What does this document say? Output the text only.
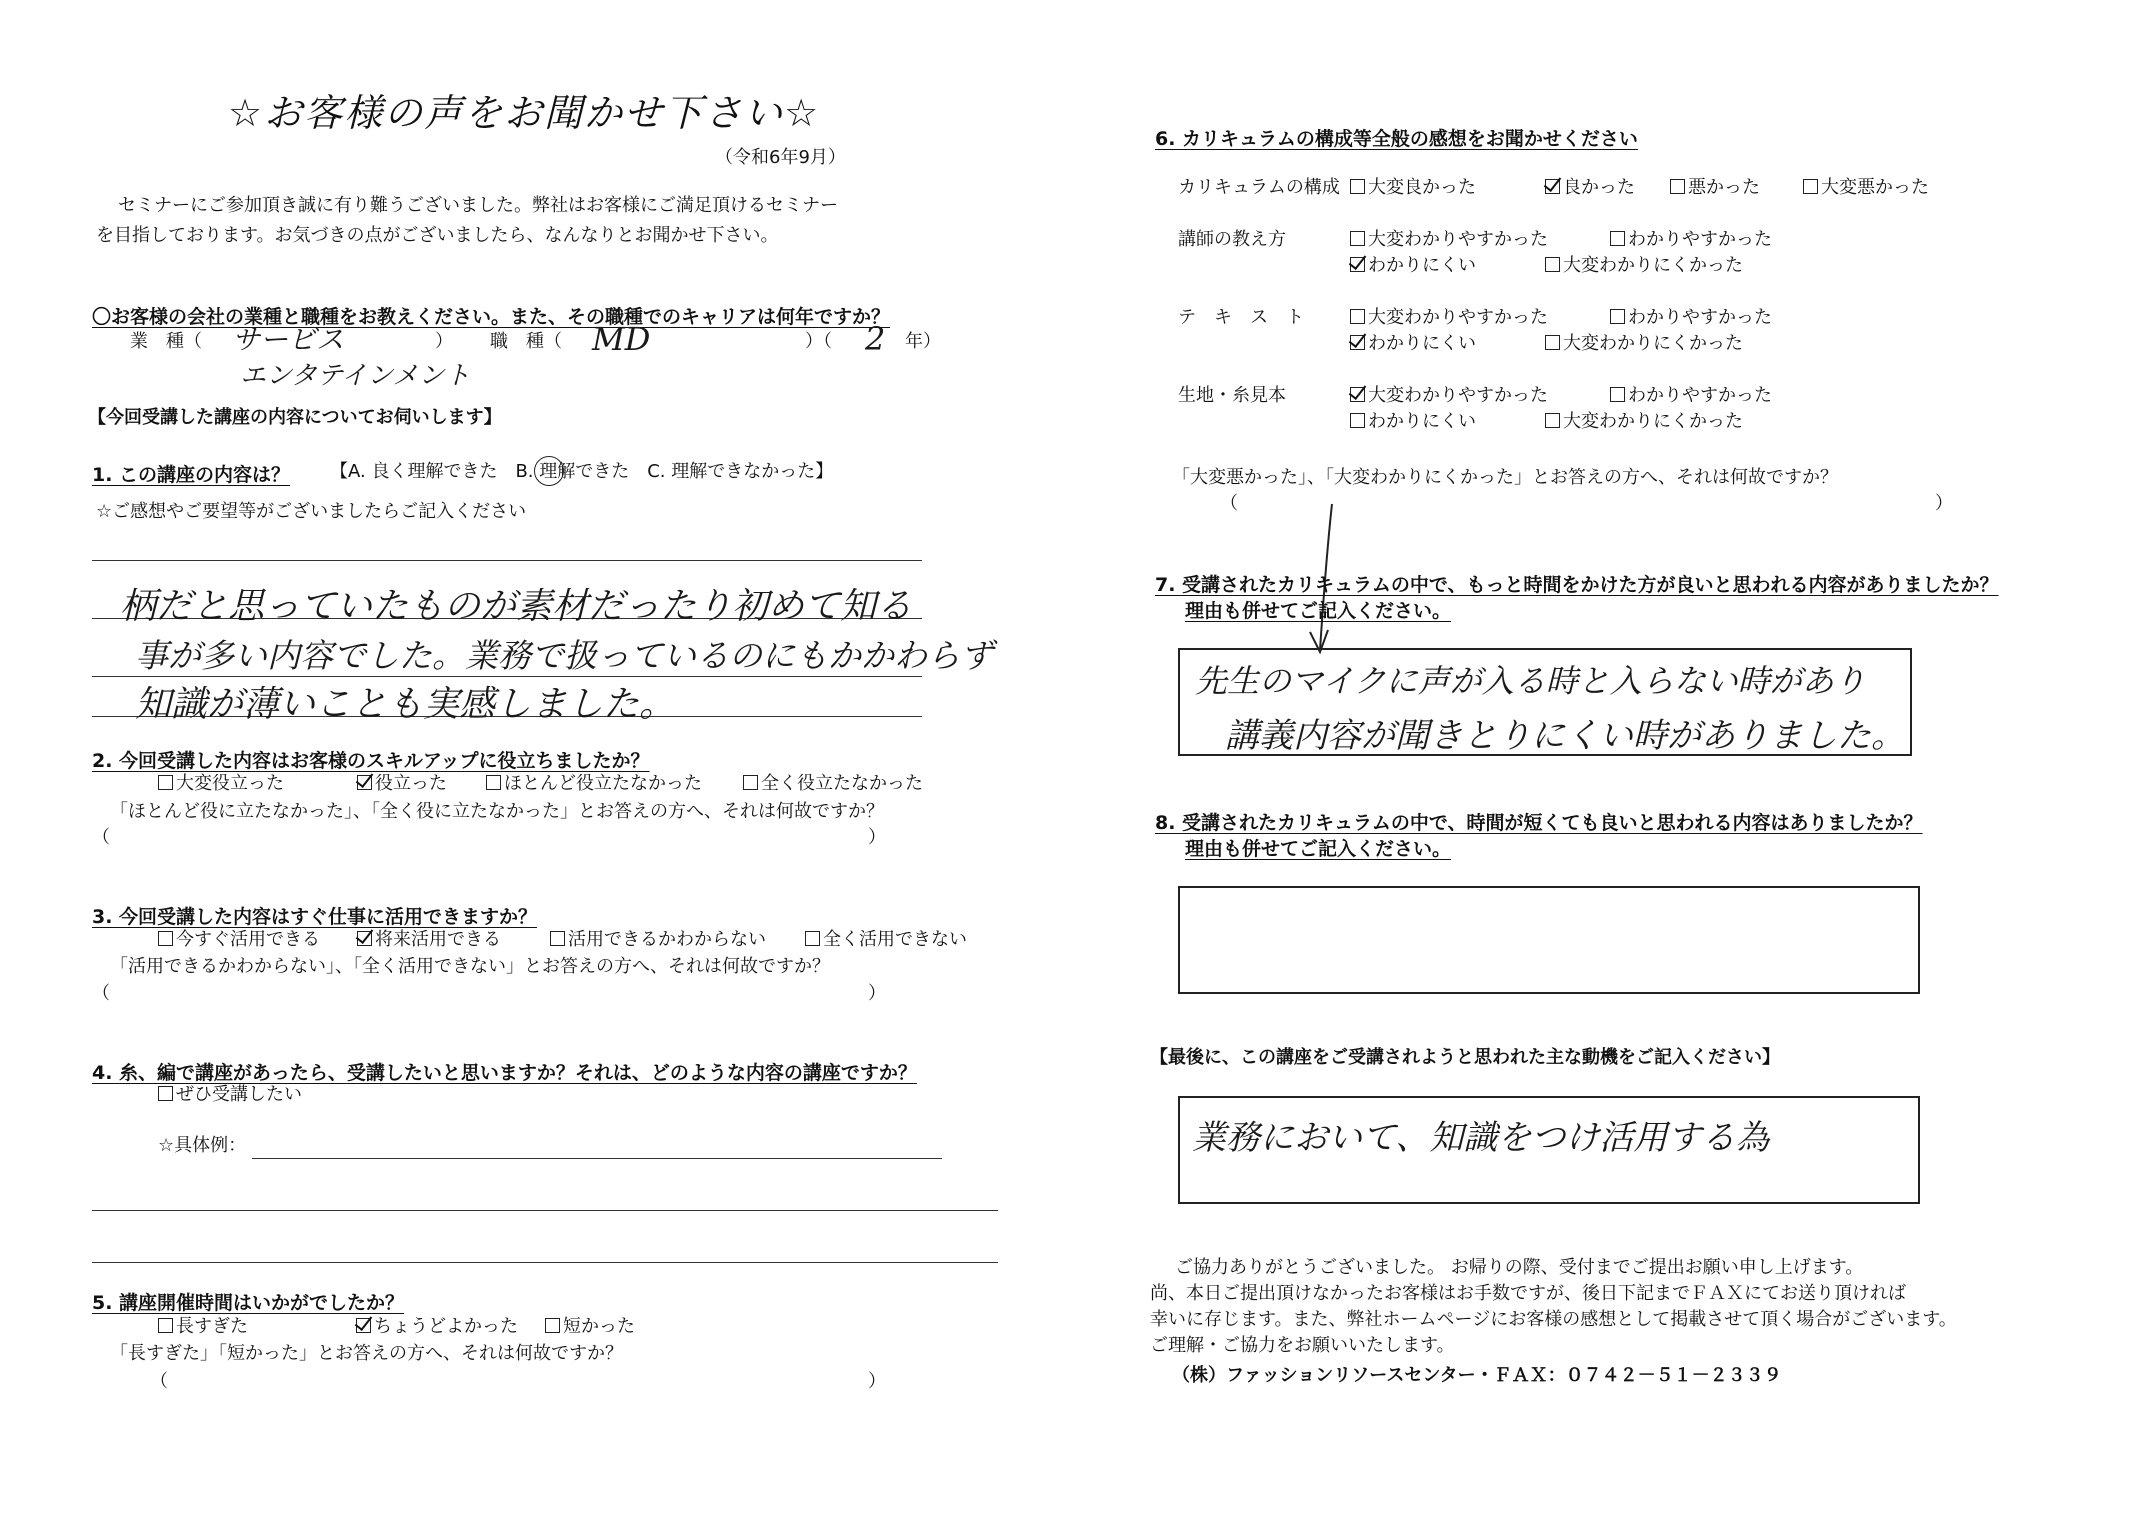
☆お客様の声をお聞かせ下さい☆
（令和6年9月）
セミナーにご参加頂き誠に有り難うございました。弊社はお客様にご満足頂けるセミナー
を目指しております。お気づきの点がございましたら、なんなりとお聞かせ下さい。
〇お客様の会社の業種と職種をお教えください。また、その職種でのキャリアは何年ですか？
業　種（ サービス	）
エンタテインメント
職　種（ MD	）（ 2 年）
【今回受講した講座の内容についてお伺いします】
1. この講座の内容は？ 【A. 良く理解できた　B. 理解できた　C. 理解できなかった】
☆ご感想やご要望等がございましたらご記入ください
柄だと思っていたものが素材だったり初めて知る
事が多い内容でした。業務で扱っているのにもかかわらず
知識が薄いことも実感しました。
2. 今回受講した内容はお客様のスキルアップに役立ちましたか？
大変役立った	役立った	ほとんど役立たなかった	全く役立たなかった
「ほとんど役に立たなかった」、「全く役に立たなかった」とお答えの方へ、それは何故ですか？
（	）
3. 今回受講した内容はすぐ仕事に活用できますか？
今すぐ活用できる	将来活用できる	活用できるかわからない	全く活用できない
「活用できるかわからない」、「全く活用できない」とお答えの方へ、それは何故ですか？
（	）
4. 糸、編で講座があったら、受講したいと思いますか？それは、どのような内容の講座ですか？
ぜひ受講したい
☆具体例：
5. 講座開催時間はいかがでしたか？
長すぎた	ちょうどよかった	短かった
「長すぎた」「短かった」とお答えの方へ、それは何故ですか？
（	）
6. カリキュラムの構成等全般の感想をお聞かせください
カリキュラムの構成	大変良かった	良かった	悪かった	大変悪かった
講師の教え方	大変わかりやすかった	わかりやすかった
わかりにくい	大変わかりにくかった
テ　キ　ス　ト	大変わかりやすかった	わかりやすかった
わかりにくい	大変わかりにくかった
生地・糸見本	大変わかりやすかった	わかりやすかった
わかりにくい	大変わかりにくかった
「大変悪かった」、「大変わかりにくかった」とお答えの方へ、それは何故ですか？
（	）
7. 受講されたカリキュラムの中で、もっと時間をかけた方が良いと思われる内容がありましたか？
理由も併せてご記入ください。
先生のマイクに声が入る時と入らない時があり
講義内容が聞きとりにくい時がありました。
8. 受講されたカリキュラムの中で、時間が短くても良いと思われる内容はありましたか？
理由も併せてご記入ください。
【最後に、この講座をご受講されようと思われた主な動機をご記入ください】
業務において、知識をつけ活用する為
ご協力ありがとうございました。 お帰りの際、受付までご提出お願い申し上げます。
尚、本日ご提出頂けなかったお客様はお手数ですが、後日下記までＦＡＸにてお送り頂ければ
幸いに存じます。また、弊社ホームページにお客様の感想として掲載させて頂く場合がございます。
ご理解・ご協力をお願いいたします。
（株）ファッションリソースセンター・ＦＡＸ：０７４２－５１－２３３９
